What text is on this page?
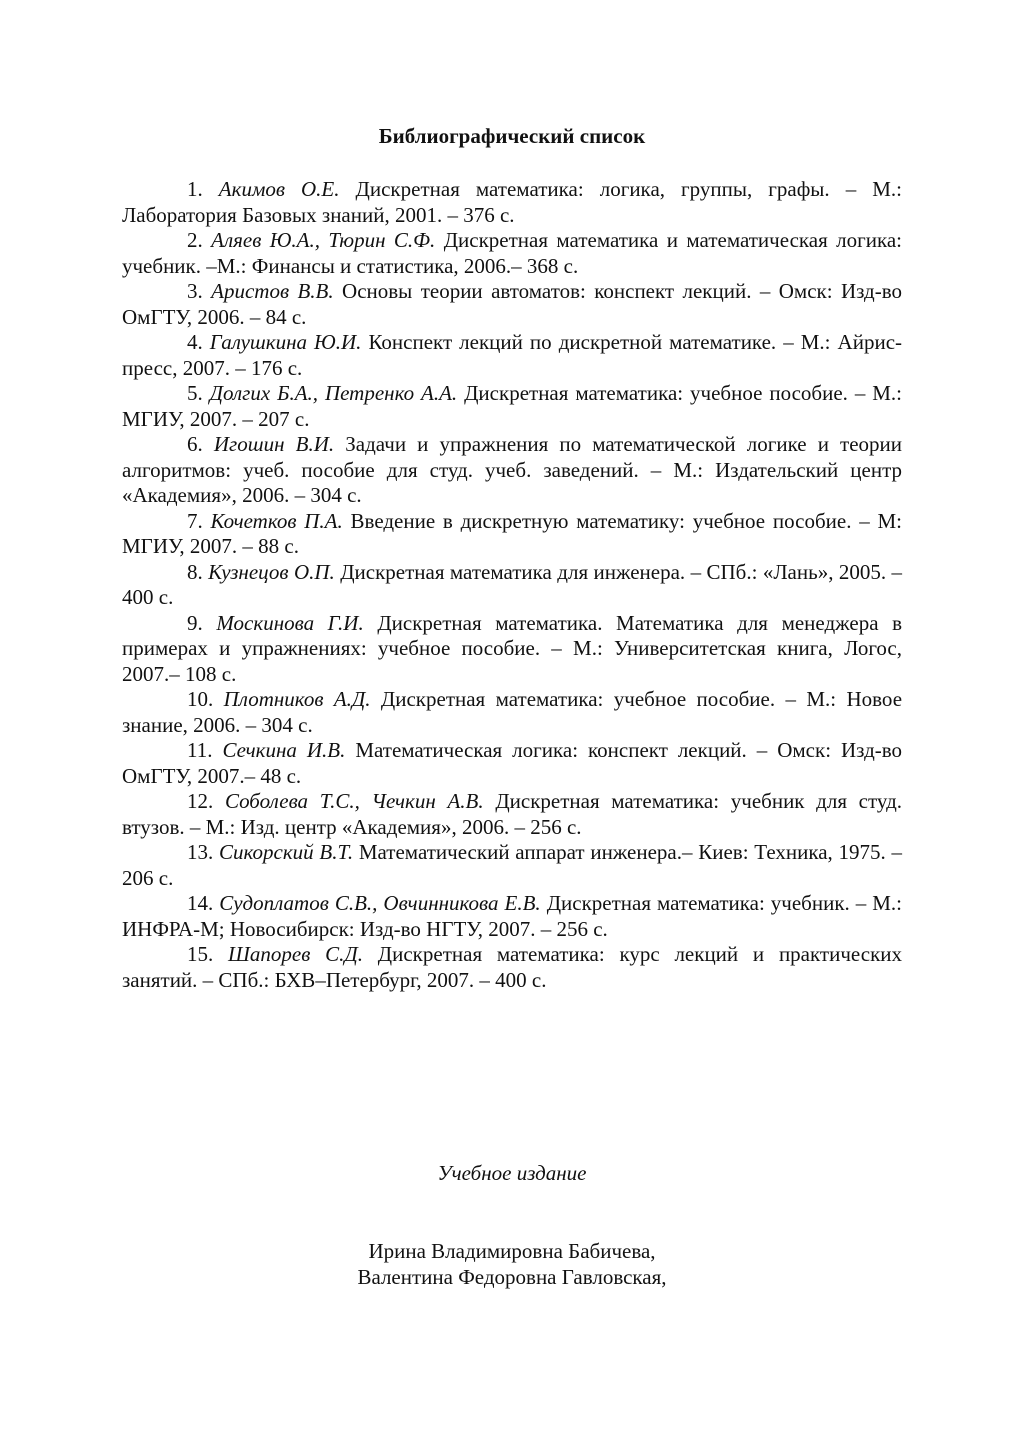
Библиографический список
1. Акимов О.Е. Дискретная математика: логика, группы, графы. – М.: Лаборатория Базовых знаний, 2001. – 376 с.
2. Аляев Ю.А., Тюрин С.Ф. Дискретная математика и математическая логика: учебник. –М.: Финансы и статистика, 2006.– 368 с.
3. Аристов В.В. Основы теории автоматов: конспект лекций. – Омск: Изд-во ОмГТУ, 2006. – 84 с.
4. Галушкина Ю.И. Конспект лекций по дискретной математике. – М.: Айрис-пресс, 2007. – 176 с.
5. Долгих Б.А., Петренко А.А. Дискретная математика: учебное пособие. – М.: МГИУ, 2007. – 207 с.
6. Игошин В.И. Задачи и упражнения по математической логике и теории алгоритмов: учеб. пособие для студ. учеб. заведений. – М.: Издательский центр «Академия», 2006. – 304 с.
7. Кочетков П.А. Введение в дискретную математику: учебное пособие. – М: МГИУ, 2007. – 88 с.
8. Кузнецов О.П. Дискретная математика для инженера. – СПб.: «Лань», 2005. – 400 с.
9. Москинова Г.И. Дискретная математика. Математика для менеджера в примерах и упражнениях: учебное пособие. – М.: Университетская книга, Логос, 2007.– 108 с.
10. Плотников А.Д. Дискретная математика: учебное пособие. – М.: Новое знание, 2006. – 304 с.
11. Сечкина И.В. Математическая логика: конспект лекций. – Омск: Изд-во ОмГТУ, 2007.– 48 с.
12. Соболева Т.С., Чечкин А.В. Дискретная математика: учебник для студ. втузов. – М.: Изд. центр «Академия», 2006. – 256 с.
13. Сикорский В.Т. Математический аппарат инженера.– Киев: Техника, 1975. – 206 с.
14. Судоплатов С.В., Овчинникова Е.В. Дискретная математика: учебник. – М.: ИНФРА-М; Новосибирск: Изд-во НГТУ, 2007. – 256 с.
15. Шапорев С.Д. Дискретная математика: курс лекций и практических занятий. – СПб.: БХВ–Петербург, 2007. – 400 с.
Учебное издание
Ирина Владимировна Бабичева,
Валентина Федоровна Гавловская,
